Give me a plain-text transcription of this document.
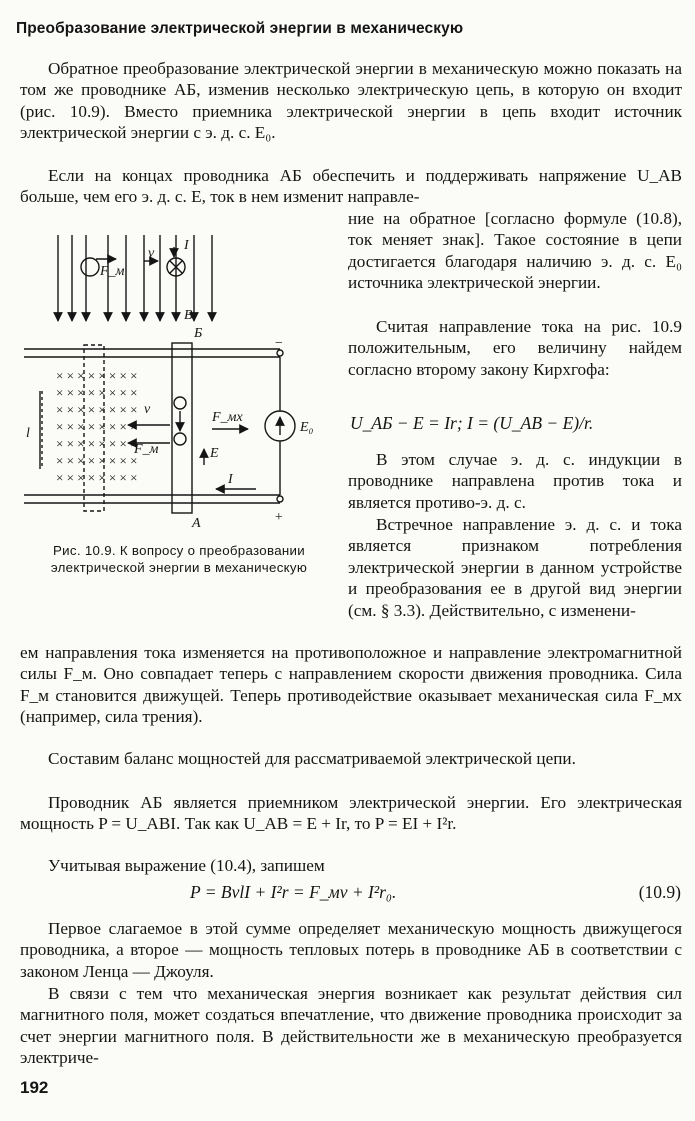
Преобразование электрической энергии в механическую

Обратное преобразование электрической энергии в механическую можно показать на том же проводнике АБ, изменив несколько электрическую цепь, в которую он входит (рис. 10.9). Вместо приемника электрической энергии в цепь входит источник электрической энергии с э. д. с. E₀.

Если на концах проводника АБ обеспечить и поддерживать напряжение U_AB больше, чем его э. д. с. E, ток в нем изменит направле-

ние на обратное [согласно формуле (10.8), ток меняет знак]. Такое состояние в цепи достигается благодаря наличию э. д. с. E₀ источника электрической энергии.

Считая направление тока на рис. 10.9 положительным, его величину найдем согласно второму закону Кирхгофа:

U_AБ − E = Ir; I = (U_AB − E)/r.

В этом случае э. д. с. индукции в проводнике направлена против тока и является противо-э. д. с.

Встречное направление э. д. с. и тока является признаком потребления электрической энергии в данном устройстве и преобразования ее в другой вид энергии (см. § 3.3). Действительно, с изменени-

ем направления тока изменяется на противоположное и направление электромагнитной силы F_м. Оно совпадает теперь с направлением скорости движения проводника. Сила F_м становится движущей. Теперь противодействие оказывает механическая сила F_мх (например, сила трения).

Составим баланс мощностей для рассматриваемой электрической цепи.

Проводник АБ является приемником электрической энергии. Его электрическая мощность P = U_ABI. Так как U_AB = E + Ir, то P = EI + I²r.

Учитывая выражение (10.4), запишем

P = BvlI + I²r = F_мv + I²r₀.	(10.9)

Первое слагаемое в этой сумме определяет механическую мощность движущегося проводника, а второе — мощность тепловых потерь в проводнике АБ в соответствии с законом Ленца — Джоуля.

В связи с тем что механическая энергия возникает как результат действия сил магнитного поля, может создаться впечатление, что движение проводника происходит за счет энергии магнитного поля. В действительности же в механическую преобразуется электриче-

× × × × × × × ×
× × × × × × × ×
× × × × × × × ×
× × × × × × × ×
× × × × × × × ×
× × × × × × × ×
× × × × × × × ×
F_м
v
I
B
Б
А
−
+
E₀
F_мх
E
I
v
F_м
l
Рис. 10.9. К вопросу о преобразовании электрической энергии в механическую
192
